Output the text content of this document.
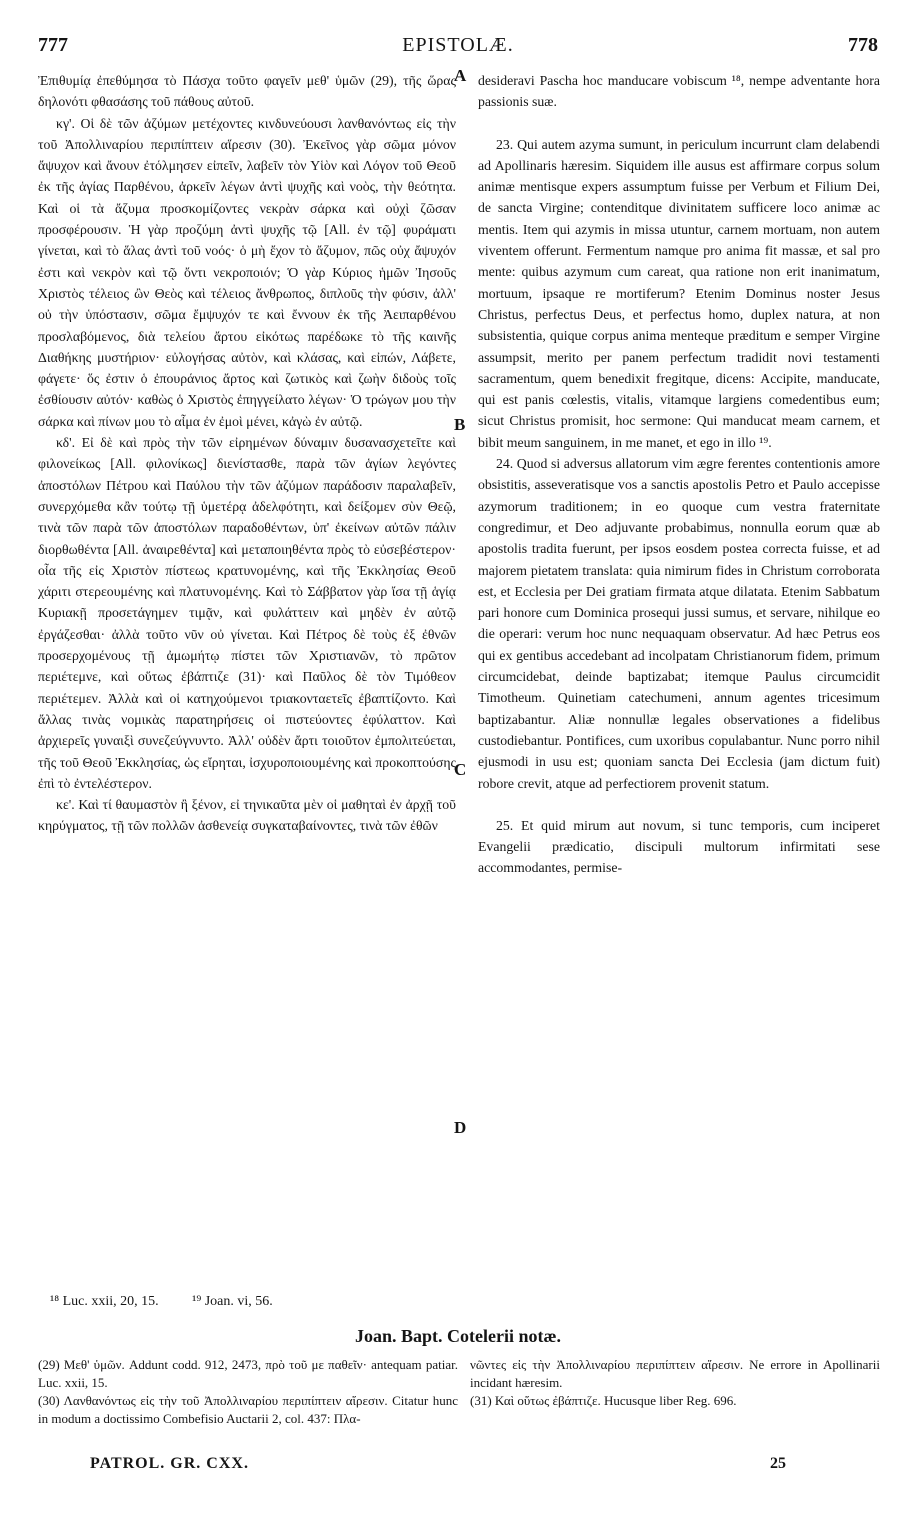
777	EPISTOLÆ.	778

Ἐπιθυμίᾳ ἐπεθύμησα τὸ Πάσχα τοῦτο φαγεῖν μεθ' ὑμῶν (29), τῆς ὥρας δηλονότι φθασάσης τοῦ πάθους αὐτοῦ.

κγ'. Οἱ δὲ τῶν ἀζύμων μετέχοντες κινδυνεύουσι λανθανόντως εἰς τὴν τοῦ Ἀπολλιναρίου περιπίπτειν αἵρεσιν (30). Ἐκεῖνος γὰρ σῶμα μόνον ἄψυχον καὶ ἄνουν ἐτόλμησεν εἰπεῖν, λαβεῖν τὸν Υἱὸν καὶ Λόγον τοῦ Θεοῦ ἐκ τῆς ἁγίας Παρθένου, ἀρκεῖν λέγων ἀντὶ ψυχῆς καὶ νοὸς, τὴν θεότητα. Καὶ οἱ τὰ ἄζυμα προσκομίζοντες νεκρὰν σάρκα καὶ οὐχὶ ζῶσαν προσφέρουσιν. Ἡ γὰρ προζύμη ἀντὶ ψυχῆς τῷ [All. ἐν τῷ] φυράματι γίνεται, καὶ τὸ ἅλας ἀντὶ τοῦ νοός· ὁ μὴ ἔχον τὸ ἄζυμον, πῶς οὐχ ἄψυχόν ἐστι καὶ νεκρὸν καὶ τῷ ὄντι νεκροποιόν; Ὁ γὰρ Κύριος ἡμῶν Ἰησοῦς Χριστὸς τέλειος ὢν Θεὸς καὶ τέλειος ἄνθρωπος, διπλοῦς τὴν φύσιν, ἀλλ' οὐ τὴν ὑπόστασιν, σῶμα ἔμψυχόν τε καὶ ἔννουν ἐκ τῆς Ἀειπαρθένου προσλαβόμενος, διὰ τελείου ἄρτου εἰκότως παρέδωκε τὸ τῆς καινῆς Διαθήκης μυστήριον· εὐλογήσας αὐτὸν, καὶ κλάσας, καὶ εἰπών, Λάβετε, φάγετε· ὅς ἐστιν ὁ ἐπουράνιος ἄρτος καὶ ζωτικὸς καὶ ζωὴν διδοὺς τοῖς ἐσθίουσιν αὐτόν· καθὼς ὁ Χριστὸς ἐπηγγείλατο λέγων· Ὁ τρώγων μου τὴν σάρκα καὶ πίνων μου τὸ αἷμα ἐν ἐμοὶ μένει, κἀγὼ ἐν αὐτῷ.

κδ'. Εἰ δὲ καὶ πρὸς τὴν τῶν εἰρημένων δύναμιν δυσανασχετεῖτε καὶ φιλονείκως [All. φιλονίκως] διενίστασθε, παρὰ τῶν ἁγίων λεγόντες ἀποστόλων Πέτρου καὶ Παύλου τὴν τῶν ἀζύμων παράδοσιν παραλαβεῖν, συνερχόμεθα κἂν τούτῳ τῇ ὑμετέρᾳ ἀδελφότητι, καὶ δείξομεν σὺν Θεῷ, τινὰ τῶν παρὰ τῶν ἀποστόλων παραδοθέντων, ὑπ' ἐκείνων αὐτῶν πάλιν διορθωθέντα [All. ἀναιρεθέντα] καὶ μεταποιηθέντα πρὸς τὸ εὐσεβέστερον· οἷα τῆς εἰς Χριστὸν πίστεως κρατυνομένης, καὶ τῆς Ἐκκλησίας Θεοῦ χάριτι στερεουμένης καὶ πλατυνομένης. Καὶ τὸ Σάββατον γὰρ ἴσα τῇ ἁγίᾳ Κυριακῇ προσετάγημεν τιμᾷν, καὶ φυλάττειν καὶ μηδὲν ἐν αὐτῷ ἐργάζεσθαι· ἀλλὰ τοῦτο νῦν οὐ γίνεται. Καὶ Πέτρος δὲ τοὺς ἐξ ἐθνῶν προσερχομένους τῇ ἀμωμήτῳ πίστει τῶν Χριστιανῶν, τὸ πρῶτον περιέτεμνε, καὶ οὕτως ἐβάπτιζε (31)· καὶ Παῦλος δὲ τὸν Τιμόθεον περιέτεμεν. Ἀλλὰ καὶ οἱ κατηχούμενοι τριακονταετεῖς ἐβαπτίζοντο. Καὶ ἄλλας τινὰς νομικὰς παρατηρήσεις οἱ πιστεύοντες ἐφύλαττον. Καὶ ἀρχιερεῖς γυναιξὶ συνεζεύγνυντο. Ἀλλ' οὐδὲν ἄρτι τοιοῦτον ἐμπολιτεύεται, τῆς τοῦ Θεοῦ Ἐκκλησίας, ὡς εἴρηται, ἰσχυροποιουμένης καὶ προκοπτούσης ἐπὶ τὸ ἐντελέστερον.

κε'. Καὶ τί θαυμαστὸν ἢ ξένον, εἰ τηνικαῦτα μὲν οἱ μαθηταὶ ἐν ἀρχῇ τοῦ κηρύγματος, τῇ τῶν πολλῶν ἀσθενείᾳ συγκαταβαίνοντες, τινὰ τῶν ἐθῶν

A
B
C
D

desideravi Pascha hoc manducare vobiscum ¹⁸, nempe adventante hora passionis suæ.

23. Qui autem azyma sumunt, in periculum incurrunt clam delabendi ad Apollinaris hæresim. Siquidem ille ausus est affirmare corpus solum animæ mentisque expers assumptum fuisse per Verbum et Filium Dei, de sancta Virgine; contenditque divinitatem sufficere loco animæ ac mentis. Item qui azymis in missa utuntur, carnem mortuam, non autem viventem offerunt. Fermentum namque pro anima fit massæ, et sal pro mente: quibus azymum cum careat, qua ratione non erit inanimatum, mortuum, ipsaque re mortiferum? Etenim Dominus noster Jesus Christus, perfectus Deus, et perfectus homo, duplex natura, at non subsistentia, quique corpus anima menteque præditum e semper Virgine assumpsit, merito per panem perfectum tradidit novi testamenti sacramentum, quem benedixit fregitque, dicens: Accipite, manducate, qui est panis cœlestis, vitalis, vitamque largiens comedentibus eum; sicut Christus promisit, hoc sermone: Qui manducat meam carnem, et bibit meum sanguinem, in me manet, et ego in illo ¹⁹.

24. Quod si adversus allatorum vim ægre ferentes contentionis amore obsistitis, asseveratisque vos a sanctis apostolis Petro et Paulo accepisse azymorum traditionem; in eo quoque cum vestra fraternitate congredimur, et Deo adjuvante probabimus, nonnulla eorum quæ ab apostolis tradita fuerunt, per ipsos eosdem postea correcta fuisse, et ad majorem pietatem translata: quia nimirum fides in Christum corroborata est, et Ecclesia per Dei gratiam firmata atque dilatata. Etenim Sabbatum pari honore cum Dominica prosequi jussi sumus, et servare, nihilque eo die operari: verum hoc nunc nequaquam observatur. Ad hæc Petrus eos qui ex gentibus accedebant ad incolpatam Christianorum fidem, primum circumcidebat, deinde baptizabat; itemque Paulus circumcidit Timotheum. Quinetiam catechumeni, annum agentes tricesimum baptizabantur. Aliæ nonnullæ legales observationes a fidelibus custodiebantur. Pontifices, cum uxoribus copulabantur. Nunc porro nihil ejusmodi in usu est; quoniam sancta Dei Ecclesia (jam dictum fuit) robore crevit, atque ad perfectiorem provenit statum.

25. Et quid mirum aut novum, si tunc temporis, cum inciperet Evangelii prædicatio, discipuli multorum infirmitati sese accommodantes, permise-

¹⁸ Luc. xxii, 20, 15. ¹⁹ Joan. vi, 56.
Joan. Bapt. Cotelerii notæ.

(29) Μεθ' ὑμῶν. Addunt codd. 912, 2473, πρὸ τοῦ με παθεῖν· antequam patiar. Luc. xxii, 15.

(30) Λανθανόντως εἰς τὴν τοῦ Ἀπολλιναρίου περιπίπτειν αἵρεσιν. Citatur hunc in modum a doctissimo Combefisio Auctarii 2, col. 437: Πλα-

νῶντες εἰς τὴν Ἀπολλιναρίου περιπίπτειν αἵρεσιν. Ne errore in Apollinarii incidant hæresim.

(31) Καὶ οὕτως ἐβάπτιζε. Hucusque liber Reg. 696.

PATROL. GR. CXX.	25
